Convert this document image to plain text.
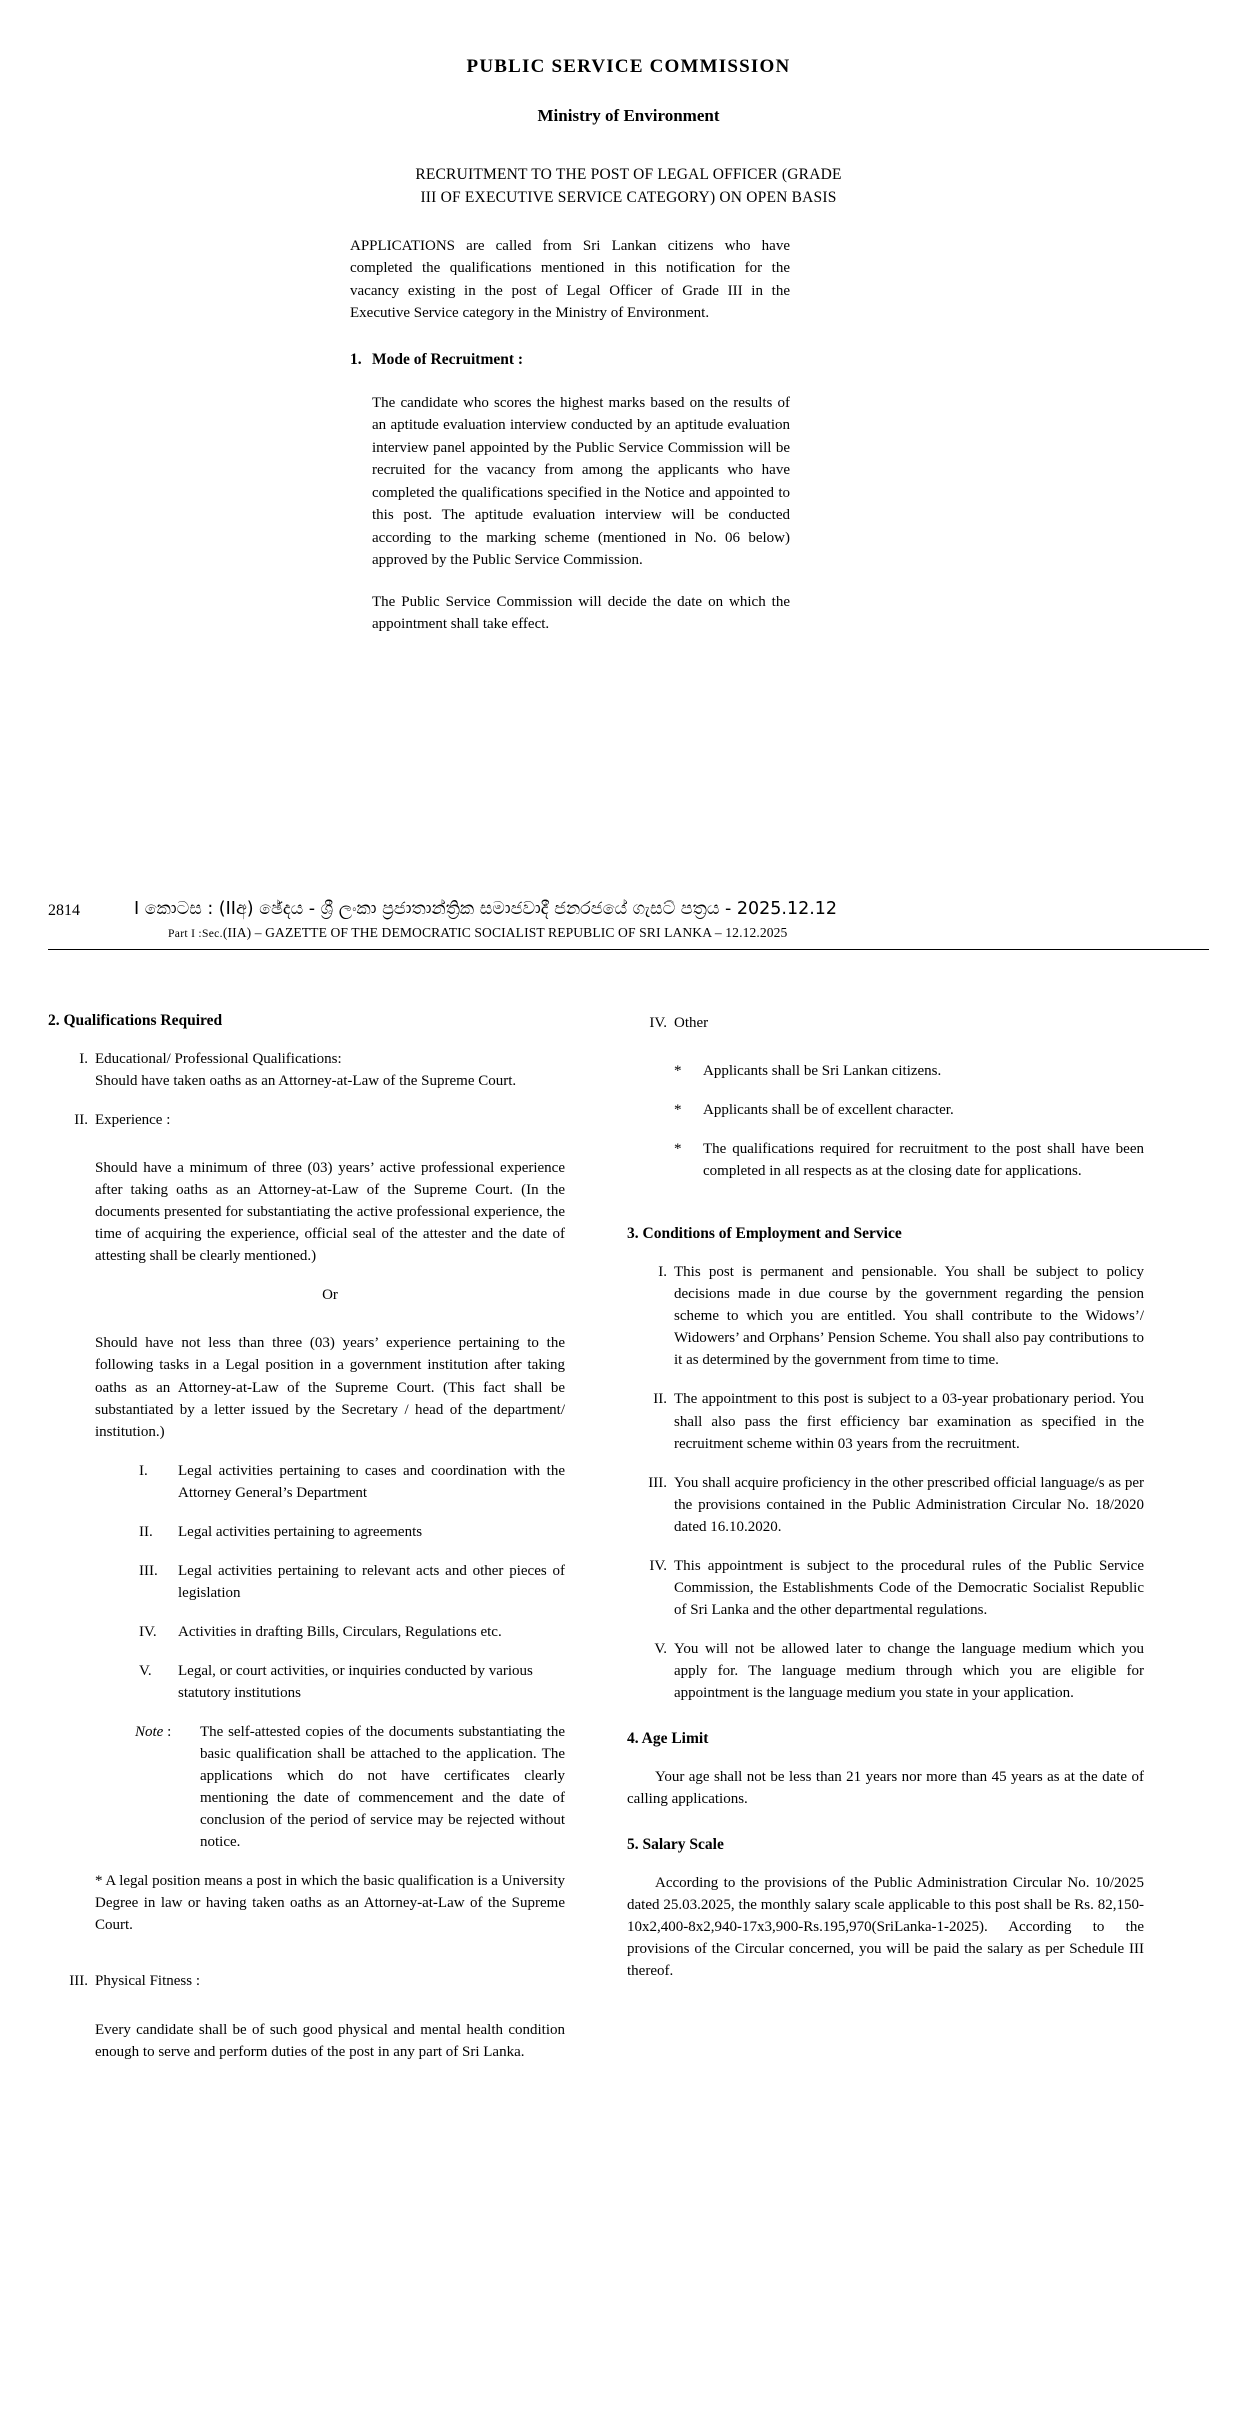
PUBLIC SERVICE COMMISSION
Ministry of Environment
RECRUITMENT TO THE POST OF LEGAL OFFICER (GRADE III OF EXECUTIVE SERVICE CATEGORY) ON OPEN BASIS
APPLICATIONS are called from Sri Lankan citizens who have completed the qualifications mentioned in this notification for the vacancy existing in the post of Legal Officer of Grade III in the Executive Service category in the Ministry of Environment.
1. Mode of Recruitment :

The candidate who scores the highest marks based on the results of an aptitude evaluation interview conducted by an aptitude evaluation interview panel appointed by the Public Service Commission will be recruited for the vacancy from among the applicants who have completed the qualifications specified in the Notice and appointed to this post. The aptitude evaluation interview will be conducted according to the marking scheme (mentioned in No. 06 below) approved by the Public Service Commission.

The Public Service Commission will decide the date on which the appointment shall take effect.

2814	I කොටස : (IIඅ) ඡේදය - ශ්‍රී ලංකා ප්‍රජාතාන්ත්‍රික සමාජවාදී ජනරජයේ ගැසට් පත්‍රය - 2025.12.12
Part I :Sec.(IIA) – GAZETTE OF THE DEMOCRATIC SOCIALIST REPUBLIC OF SRI LANKA – 12.12.2025
2. Qualifications Required
I. Educational/ Professional Qualifications:
Should have taken oaths as an Attorney-at-Law of the Supreme Court.
II. Experience :
Should have a minimum of three (03) years’ active professional experience after taking oaths as an Attorney-at-Law of the Supreme Court. (In the documents presented for substantiating the active professional experience, the time of acquiring the experience, official seal of the attester and the date of attesting shall be clearly mentioned.)
Or
Should have not less than three (03) years’ experience pertaining to the following tasks in a Legal position in a government institution after taking oaths as an Attorney-at-Law of the Supreme Court. (This fact shall be substantiated by a letter issued by the Secretary / head of the department/ institution.)
I.	Legal activities pertaining to cases and coordination with the Attorney General’s Department
II.	Legal activities pertaining to agreements
III.	Legal activities pertaining to relevant acts and other pieces of legislation
IV.	Activities in drafting Bills, Circulars, Regulations etc.
V.	Legal, or court activities, or inquiries conducted by various statutory institutions
Note :	The self-attested copies of the documents substantiating the basic qualification shall be attached to the application. The applications which do not have certificates clearly mentioning the date of commencement and the date of conclusion of the period of service may be rejected without notice.
* A legal position means a post in which the basic qualification is a University Degree in law or having taken oaths as an Attorney-at-Law of the Supreme Court.
III. Physical Fitness :
Every candidate shall be of such good physical and mental health condition enough to serve and perform duties of the post in any part of Sri Lanka.
IV. Other
*	Applicants shall be Sri Lankan citizens.
*	Applicants shall be of excellent character.
*	The qualifications required for recruitment to the post shall have been completed in all respects as at the closing date for applications.
3. Conditions of Employment and Service
I. This post is permanent and pensionable. You shall be subject to policy decisions made in due course by the government regarding the pension scheme to which you are entitled. You shall contribute to the Widows’/ Widowers’ and Orphans’ Pension Scheme. You shall also pay contributions to it as determined by the government from time to time.
II. The appointment to this post is subject to a 03-year probationary period. You shall also pass the first efficiency bar examination as specified in the recruitment scheme within 03 years from the recruitment.
III. You shall acquire proficiency in the other prescribed official language/s as per the provisions contained in the Public Administration Circular No. 18/2020 dated 16.10.2020.
IV. This appointment is subject to the procedural rules of the Public Service Commission, the Establishments Code of the Democratic Socialist Republic of Sri Lanka and the other departmental regulations.
V. You will not be allowed later to change the language medium which you apply for. The language medium through which you are eligible for appointment is the language medium you state in your application.
4. Age Limit
Your age shall not be less than 21 years nor more than 45 years as at the date of calling applications.
5. Salary Scale
According to the provisions of the Public Administration Circular No. 10/2025 dated 25.03.2025, the monthly salary scale applicable to this post shall be Rs. 82,150-10x2,400-8x2,940-17x3,900-Rs.195,970(SriLanka-1-2025). According to the provisions of the Circular concerned, you will be paid the salary as per Schedule III thereof.
